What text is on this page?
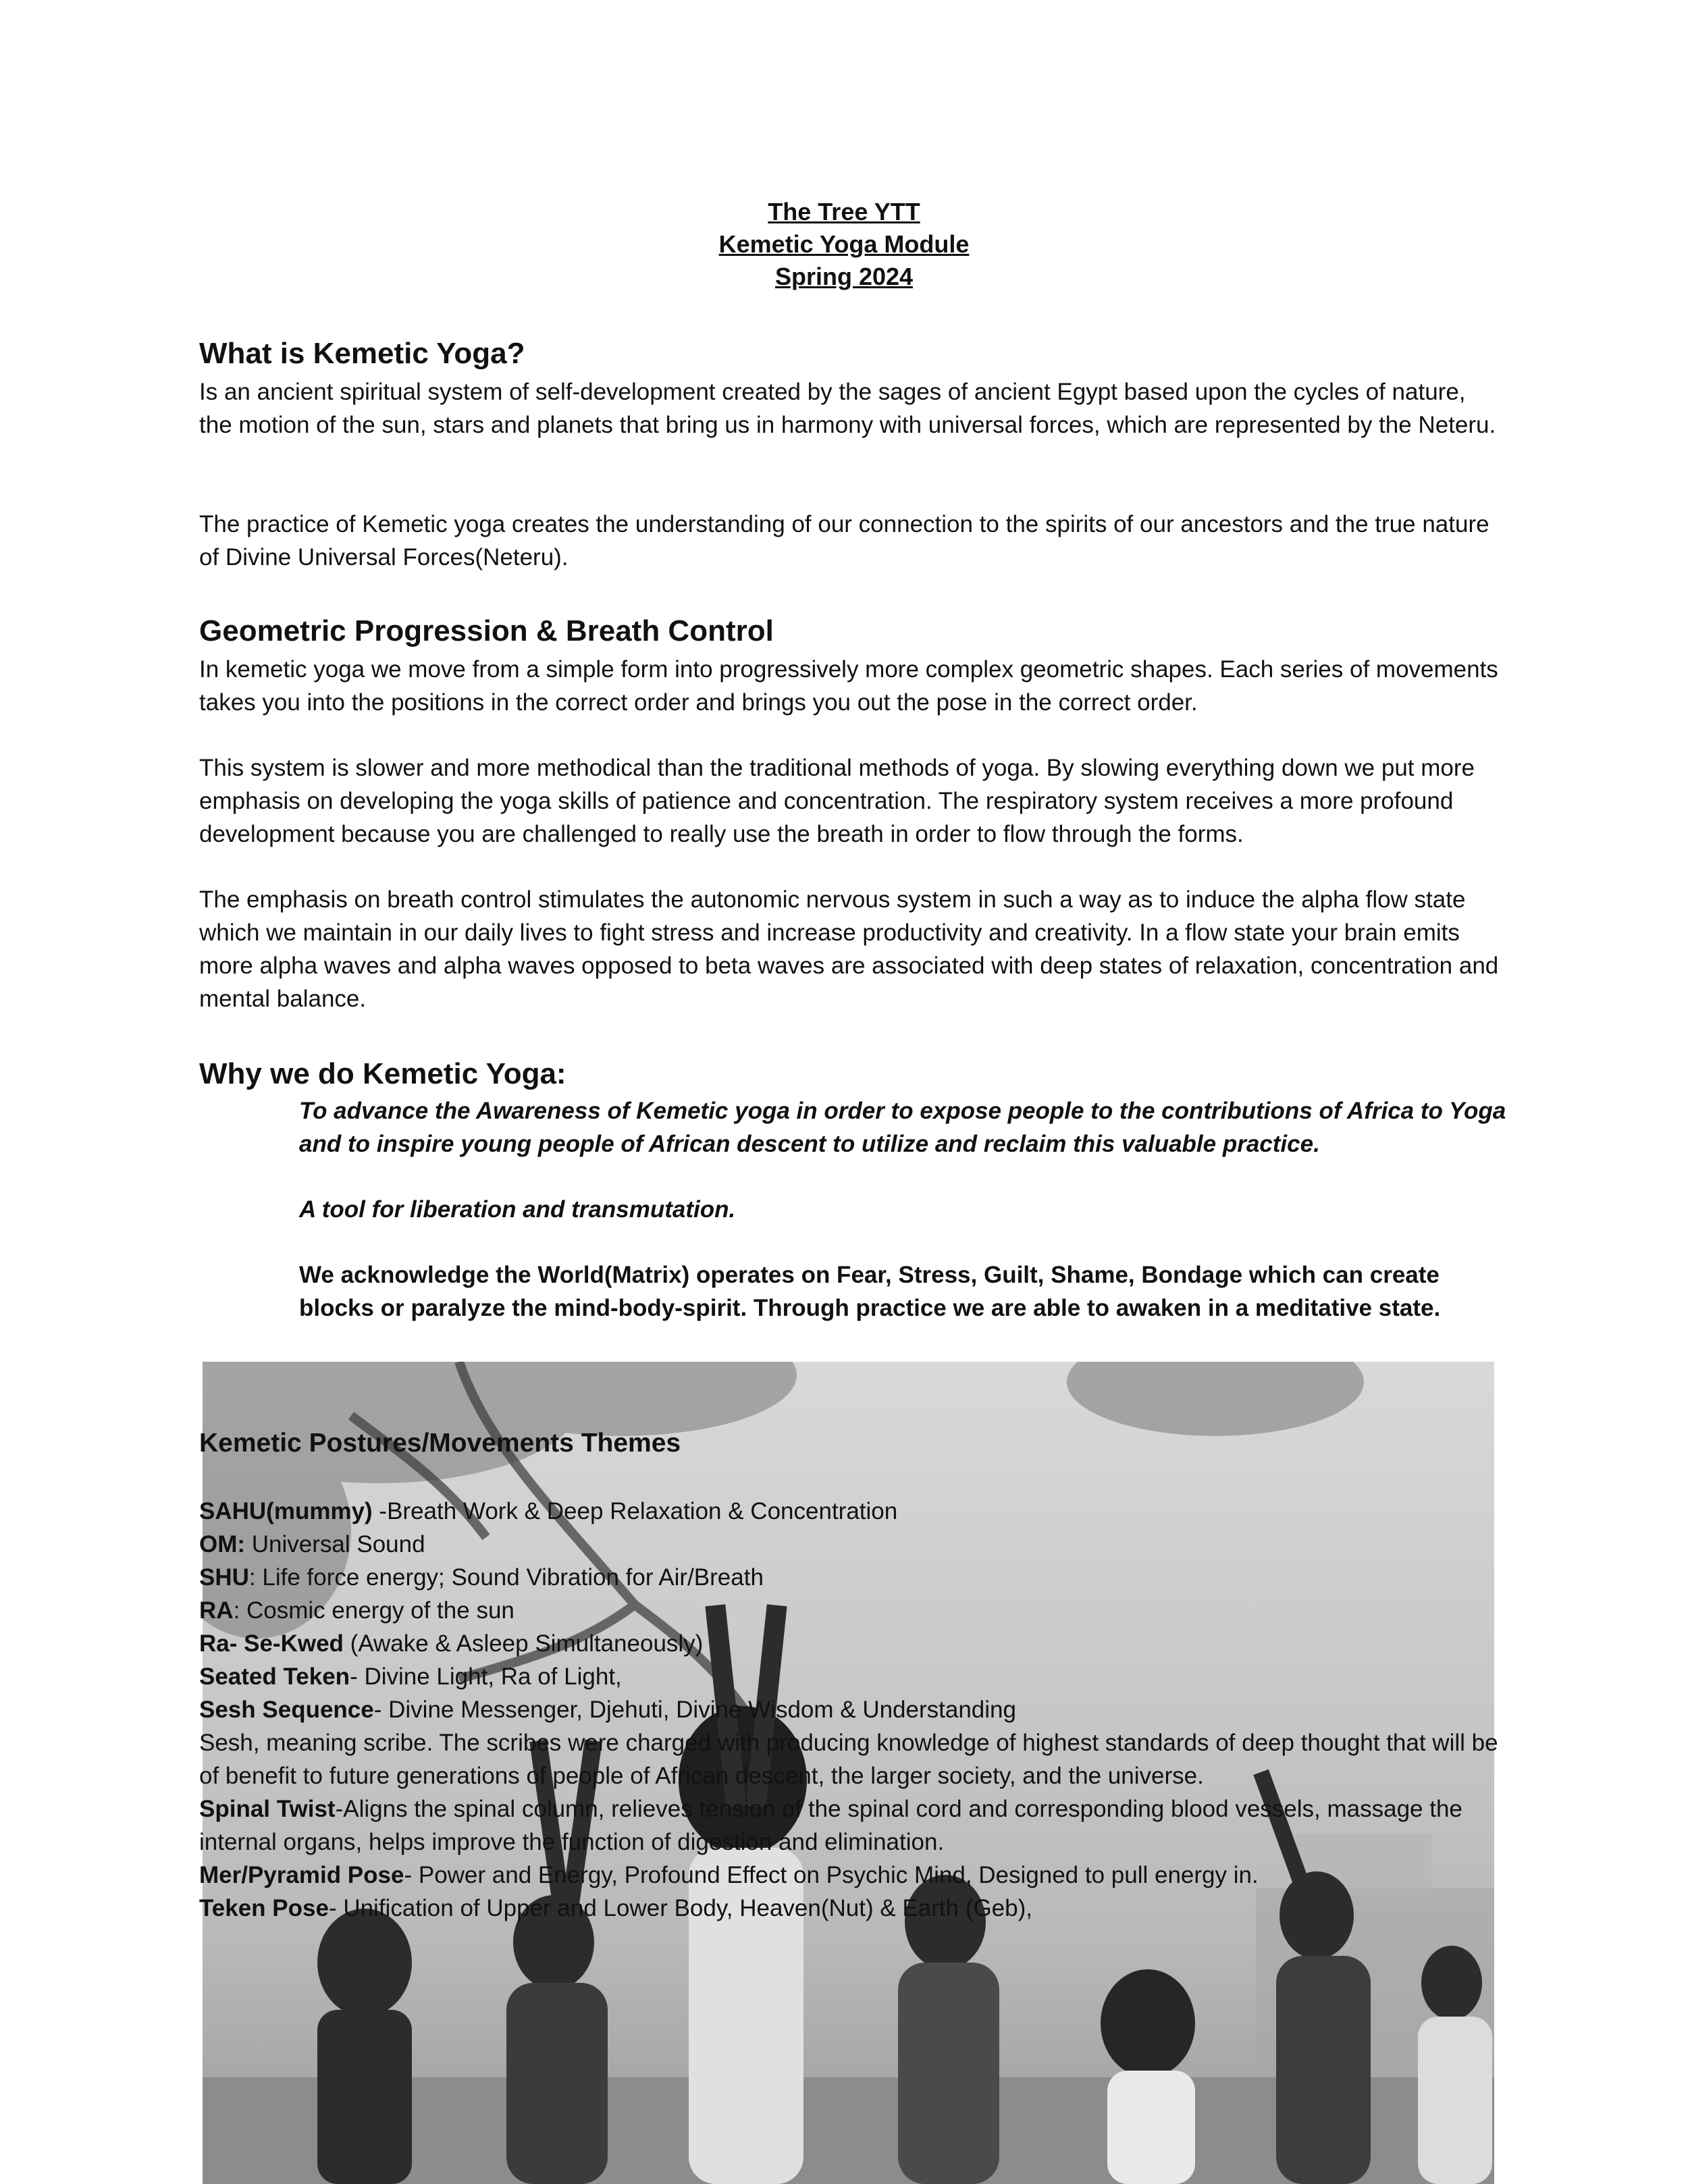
The Tree YTT
Kemetic Yoga Module
Spring 2024
What is Kemetic Yoga?

Is an ancient spiritual system of self-development created by the sages of ancient Egypt based upon the cycles of nature, the motion of the sun, stars and planets that bring us in harmony with universal forces, which are represented by the Neteru.

The practice of Kemetic yoga creates the understanding of our connection to the spirits of our ancestors and the true nature of Divine Universal Forces(Neteru).

Geometric Progression & Breath Control

In kemetic yoga we move from a simple form into progressively more complex geometric shapes. Each series of movements takes you into the positions in the correct order and brings you out the pose in the correct order.

This system is slower and more methodical than the traditional methods of yoga. By slowing everything down we put more emphasis on developing the yoga skills of patience and concentration. The respiratory system receives a more profound development because you are challenged to really use the breath in order to flow through the forms.

The emphasis on breath control stimulates the autonomic nervous system in such a way as to induce the alpha flow state which we maintain in our daily lives to fight stress and increase productivity and creativity. In a flow state your brain emits more alpha waves and alpha waves opposed to beta waves are associated with deep states of relaxation, concentration and mental balance.

Why we do Kemetic Yoga:

To advance the Awareness of Kemetic yoga in order to expose people to the contributions of Africa to Yoga and to inspire young people of African descent to utilize and reclaim this valuable practice.

A tool for liberation and transmutation.

We acknowledge the World(Matrix) operates on Fear, Stress, Guilt, Shame, Bondage which can create blocks or paralyze the mind-body-spirit. Through practice we are able to awaken in a meditative state.

Kemetic Postures/Movements Themes
SAHU(mummy) -Breath Work & Deep Relaxation & Concentration
OM: Universal Sound
SHU: Life force energy; Sound Vibration for Air/Breath
RA: Cosmic energy of the sun
Ra- Se-Kwed (Awake & Asleep Simultaneously)
Seated Teken- Divine Light, Ra of Light,
Sesh Sequence- Divine Messenger, Djehuti, Divine Wisdom & Understanding
Sesh, meaning scribe. The scribes were charged with producing knowledge of highest standards of deep thought that will be of benefit to future generations of people of African descent, the larger society, and the universe.
Spinal Twist-Aligns the spinal column, relieves tension of the spinal cord and corresponding blood vessels, massage the internal organs, helps improve the function of digestion and elimination.
Mer/Pyramid Pose- Power and Energy, Profound Effect on Psychic Mind, Designed to pull energy in.
Teken Pose- Unification of Upper and Lower Body, Heaven(Nut) & Earth (Geb),
